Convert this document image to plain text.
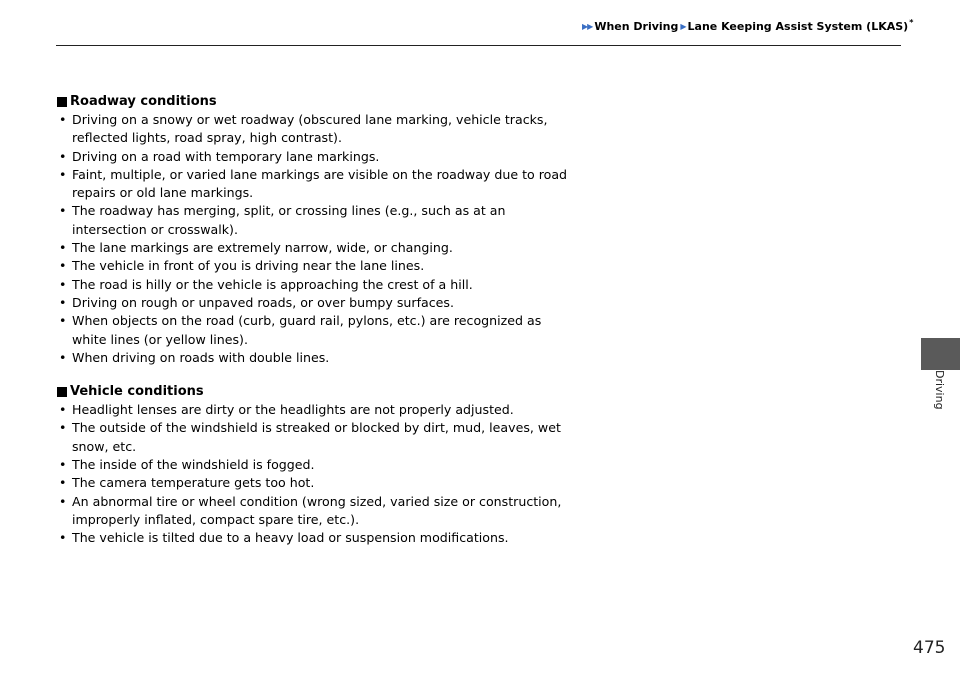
▶▶ When Driving ▶ Lane Keeping Assist System (LKAS) *
Driving
Roadway conditions
• Driving on a snowy or wet roadway (obscured lane marking, vehicle tracks, reflected lights, road spray, high contrast).
• Driving on a road with temporary lane markings.
• Faint, multiple, or varied lane markings are visible on the roadway due to road repairs or old lane markings.
• The roadway has merging, split, or crossing lines (e.g., such as at an intersection or crosswalk).
• The lane markings are extremely narrow, wide, or changing.
• The vehicle in front of you is driving near the lane lines.
• The road is hilly or the vehicle is approaching the crest of a hill.
• Driving on rough or unpaved roads, or over bumpy surfaces.
• When objects on the road (curb, guard rail, pylons, etc.) are recognized as white lines (or yellow lines).
• When driving on roads with double lines.
Vehicle conditions
• Headlight lenses are dirty or the headlights are not properly adjusted.
• The outside of the windshield is streaked or blocked by dirt, mud, leaves, wet snow, etc.
• The inside of the windshield is fogged.
• The camera temperature gets too hot.
• An abnormal tire or wheel condition (wrong sized, varied size or construction, improperly inflated, compact spare tire, etc.).
• The vehicle is tilted due to a heavy load or suspension modifications.
475
